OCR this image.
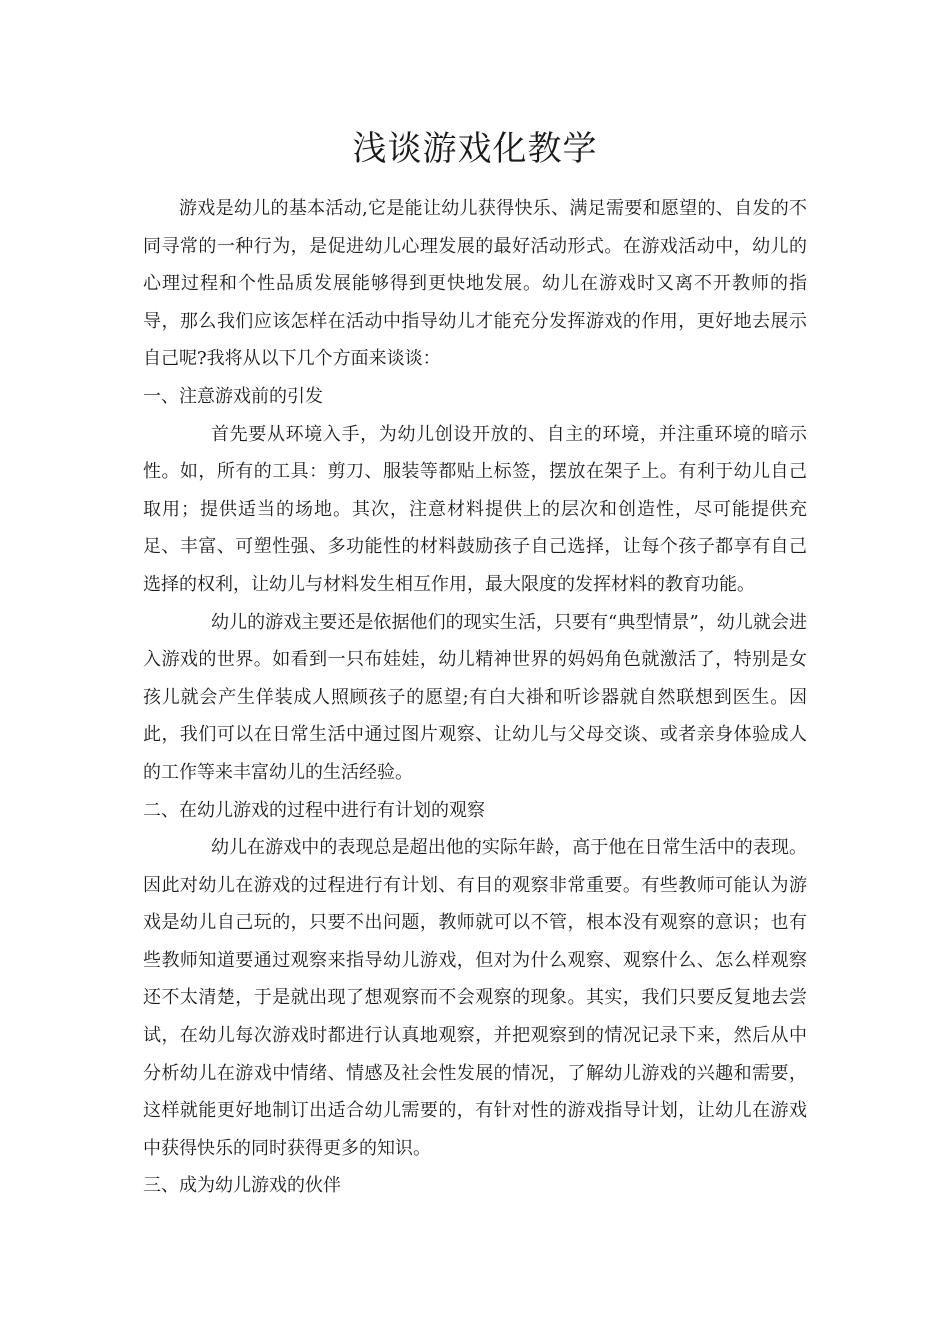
浅谈游戏化教学

游戏是幼儿的基本活动,它是能让幼儿获得快乐、满足需要和愿望的、自发的不同寻常的一种行为，是促进幼儿心理发展的最好活动形式。在游戏活动中，幼儿的心理过程和个性品质发展能够得到更快地发展。幼儿在游戏时又离不开教师的指导，那么我们应该怎样在活动中指导幼儿才能充分发挥游戏的作用，更好地去展示自己呢?我将从以下几个方面来谈谈：

一、注意游戏前的引发

首先要从环境入手，为幼儿创设开放的、自主的环境，并注重环境的暗示性。如，所有的工具：剪刀、服装等都贴上标签，摆放在架子上。有利于幼儿自己取用；提供适当的场地。其次，注意材料提供上的层次和创造性，尽可能提供充足、丰富、可塑性强、多功能性的材料鼓励孩子自己选择，让每个孩子都享有自己选择的权利，让幼儿与材料发生相互作用，最大限度的发挥材料的教育功能。

幼儿的游戏主要还是依据他们的现实生活，只要有“典型情景”，幼儿就会进入游戏的世界。如看到一只布娃娃，幼儿精神世界的妈妈角色就激活了，特别是女孩儿就会产生佯装成人照顾孩子的愿望;有白大褂和听诊器就自然联想到医生。因此，我们可以在日常生活中通过图片观察、让幼儿与父母交谈、或者亲身体验成人的工作等来丰富幼儿的生活经验。

二、在幼儿游戏的过程中进行有计划的观察

幼儿在游戏中的表现总是超出他的实际年龄，高于他在日常生活中的表现。因此对幼儿在游戏的过程进行有计划、有目的观察非常重要。有些教师可能认为游戏是幼儿自己玩的，只要不出问题，教师就可以不管，根本没有观察的意识；也有些教师知道要通过观察来指导幼儿游戏，但对为什么观察、观察什么、怎么样观察还不太清楚，于是就出现了想观察而不会观察的现象。其实，我们只要反复地去尝试，在幼儿每次游戏时都进行认真地观察，并把观察到的情况记录下来，然后从中分析幼儿在游戏中情绪、情感及社会性发展的情况，了解幼儿游戏的兴趣和需要，这样就能更好地制订出适合幼儿需要的，有针对性的游戏指导计划，让幼儿在游戏中获得快乐的同时获得更多的知识。

三、成为幼儿游戏的伙伴
